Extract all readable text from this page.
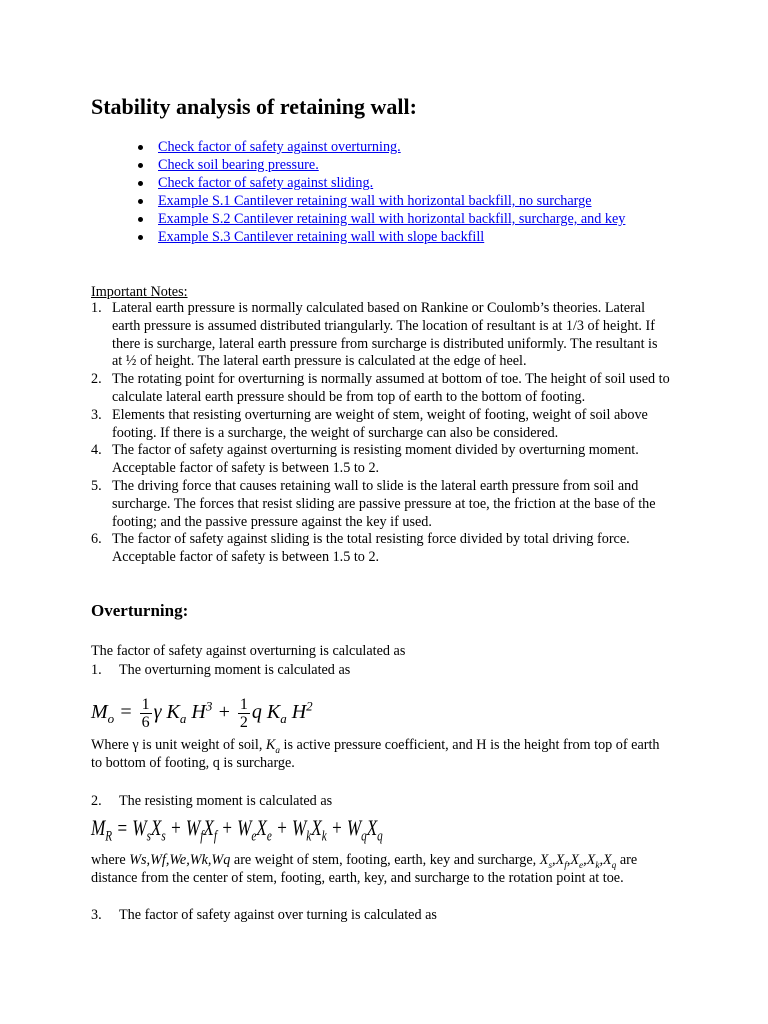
Stability analysis of retaining wall:
Check factor of safety against overturning.
Check soil bearing pressure.
Check factor of safety against sliding.
Example S.1 Cantilever retaining wall with horizontal backfill, no surcharge
Example S.2 Cantilever retaining wall with horizontal backfill, surcharge, and key
Example S.3 Cantilever retaining wall with slope backfill
Important Notes:
1. Lateral earth pressure is normally calculated based on Rankine or Coulomb’s theories. Lateral earth pressure is assumed distributed triangularly. The location of resultant is at 1/3 of height. If there is surcharge, lateral earth pressure from surcharge is distributed uniformly. The resultant is at ½ of height. The lateral earth pressure is calculated at the edge of heel.
2. The rotating point for overturning is normally assumed at bottom of toe. The height of soil used to calculate lateral earth pressure should be from top of earth to the bottom of footing.
3. Elements that resisting overturning are weight of stem, weight of footing, weight of soil above footing. If there is a surcharge, the weight of surcharge can also be considered.
4. The factor of safety against overturning is resisting moment divided by overturning moment. Acceptable factor of safety is between 1.5 to 2.
5. The driving force that causes retaining wall to slide is the lateral earth pressure from soil and surcharge. The forces that resist sliding are passive pressure at toe, the friction at the base of the footing; and the passive pressure against the key if used.
6. The factor of safety against sliding is the total resisting force divided by total driving force. Acceptable factor of safety is between 1.5 to 2.
Overturning:
The factor of safety against overturning is calculated as
1. The overturning moment is calculated as
$M_o = \frac{1}{6}$ γ $K_a$ $H^3 + \frac{1}{2}$ q $K_a$ $H^2$
Where γ is unit weight of soil, $K_a$ is active pressure coefficient, and H is the height from top of earth to bottom of footing, q is surcharge.
2. The resisting moment is calculated as
$M_R = W_sX_s + W_fX_f + W_eX_e + W_kX_k + W_qX_q$
where Ws,Wf,We,Wk,Wq are weight of stem, footing, earth, key and surcharge, $X_s,X_f,X_e,X_k,X_q$ are distance from the center of stem, footing, earth, key, and surcharge to the rotation point at toe.
3. The factor of safety against over turning is calculated as
